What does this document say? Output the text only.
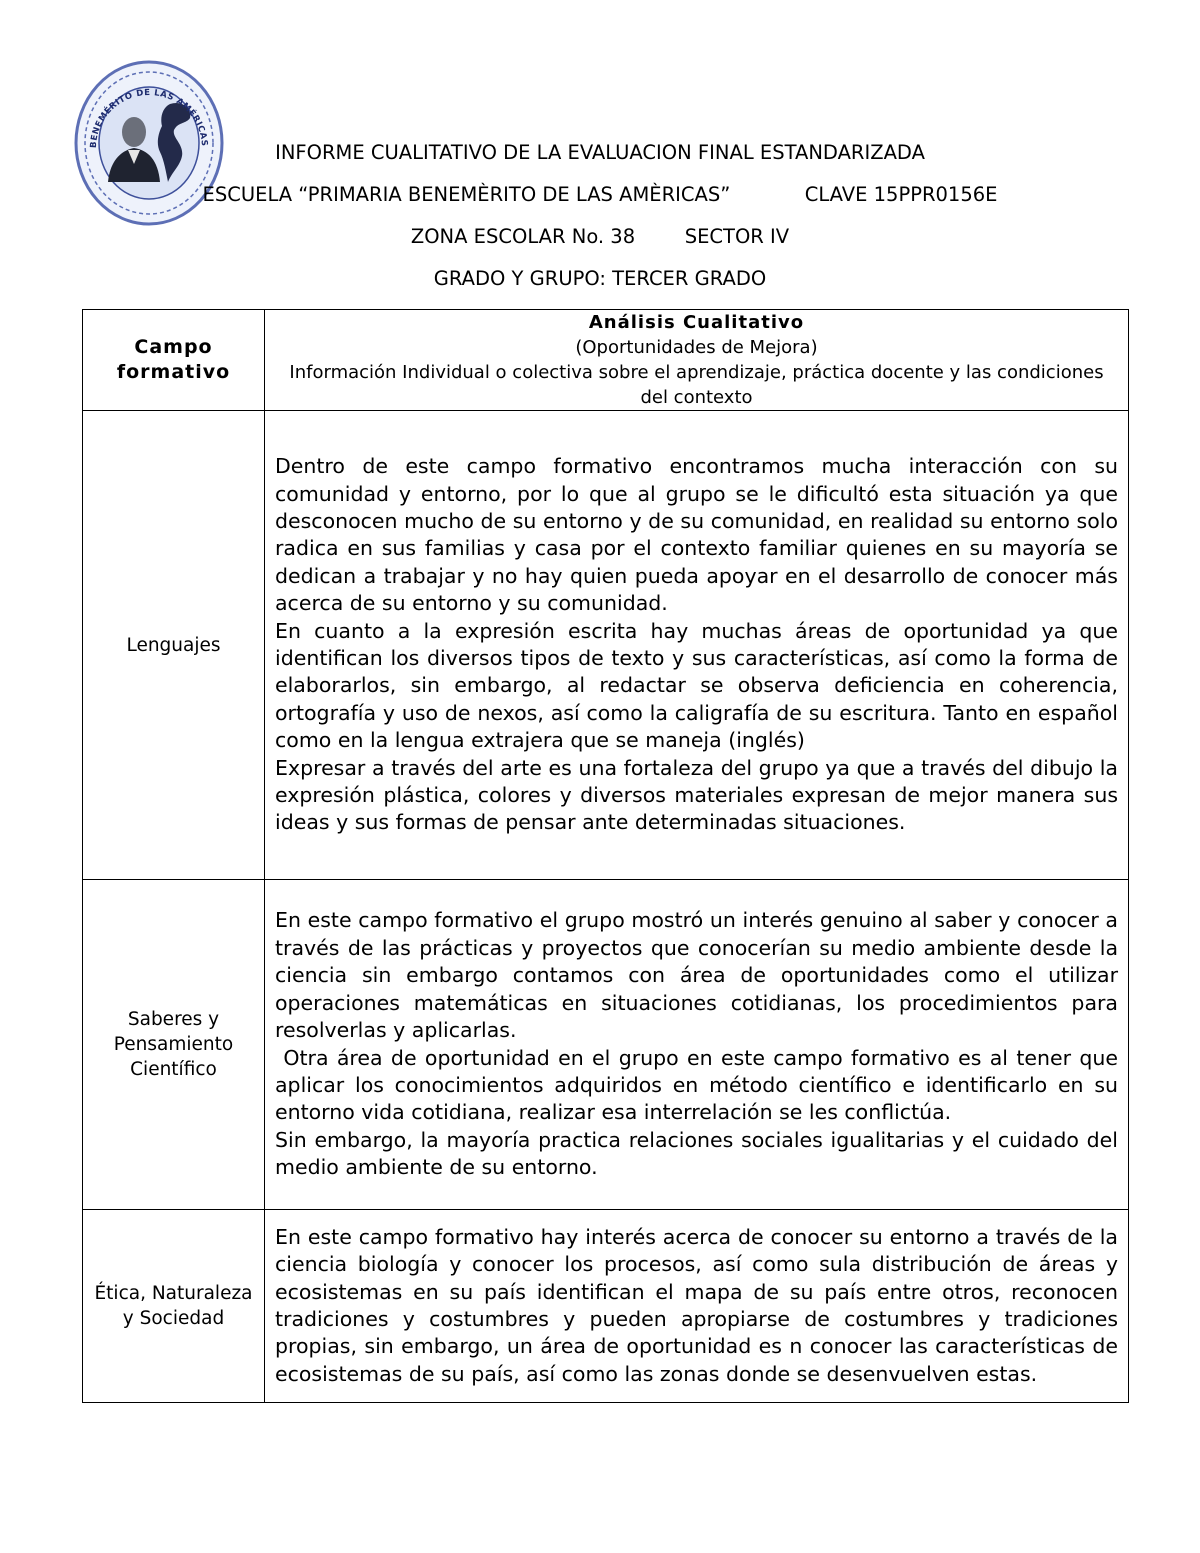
BENEMÉRITO DE LAS AMÉRICAS	INFORME CUALITATIVO DE LA EVALUACION FINAL ESTANDARIZADA
ESCUELA “PRIMARIA BENEMÈRITO DE LAS AMÈRICAS”	CLAVE 15PPR0156E
ZONA ESCOLAR No. 38	SECTOR IV
GRADO Y GRUPO: TERCER GRADO
Campo formativo	Análisis Cualitativo
(Oportunidades de Mejora)
Información Individual o colectiva sobre el aprendizaje, práctica docente y las condiciones del contexto

Lenguajes	Dentro de este campo formativo encontramos mucha interacción con su comunidad y entorno, por lo que al grupo se le dificultó esta situación ya que desconocen mucho de su entorno y de su comunidad, en realidad su entorno solo radica en sus familias y casa por el contexto familiar quienes en su mayoría se dedican a trabajar y no hay quien pueda apoyar en el desarrollo de conocer más acerca de su entorno y su comunidad.

En cuanto a la expresión escrita hay muchas áreas de oportunidad ya que identifican los diversos tipos de texto y sus características, así como la forma de elaborarlos, sin embargo, al redactar se observa deficiencia en coherencia, ortografía y uso de nexos, así como la caligrafía de su escritura. Tanto en español como en la lengua extrajera que se maneja (inglés)

Expresar a través del arte es una fortaleza del grupo ya que a través del dibujo la expresión plástica, colores y diversos materiales expresan de mejor manera sus ideas y sus formas de pensar ante determinadas situaciones.

Saberes y Pensamiento Científico	En este campo formativo el grupo mostró un interés genuino al saber y conocer a través de las prácticas y proyectos que conocerían su medio ambiente desde la ciencia sin embargo contamos con área de oportunidades como el utilizar operaciones matemáticas en situaciones cotidianas, los procedimientos para resolverlas y aplicarlas.

Otra área de oportunidad en el grupo en este campo formativo es al tener que aplicar los conocimientos adquiridos en método científico e identificarlo en su entorno vida cotidiana, realizar esa interrelación se les conflictúa.

Sin embargo, la mayoría practica relaciones sociales igualitarias y el cuidado del medio ambiente de su entorno.

Ética, Naturaleza y Sociedad	En este campo formativo hay interés acerca de conocer su entorno a través de la ciencia biología y conocer los procesos, así como sula distribución de áreas y ecosistemas en su país identifican el mapa de su país entre otros, reconocen tradiciones y costumbres y pueden apropiarse de costumbres y tradiciones propias, sin embargo, un área de oportunidad es n conocer las características de ecosistemas de su país, así como las zonas donde se desenvuelven estas.
